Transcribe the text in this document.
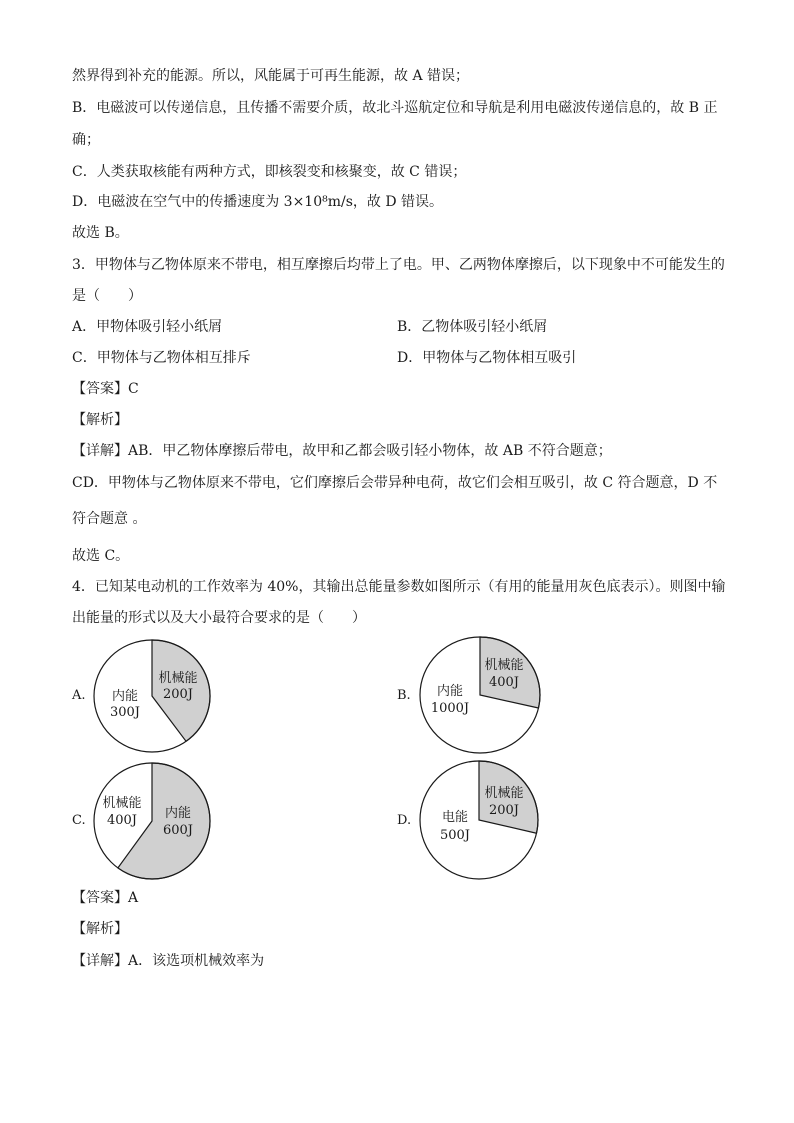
然界得到补充的能源。所以，风能属于可再生能源，故 A 错误；
B．电磁波可以传递信息，且传播不需要介质，故北斗巡航定位和导航是利用电磁波传递信息的，故 B 正
确；
C．人类获取核能有两种方式，即核裂变和核聚变，故 C 错误；
D．电磁波在空气中的传播速度为 3×10⁸m/s，故 D 错误。
故选 B。
3．甲物体与乙物体原来不带电，相互摩擦后均带上了电。甲、乙两物体摩擦后，以下现象中不可能发生的
是（　　）
A．甲物体吸引轻小纸屑	B．乙物体吸引轻小纸屑
C．甲物体与乙物体相互排斥	D．甲物体与乙物体相互吸引
【答案】C
【解析】
【详解】AB．甲乙物体摩擦后带电，故甲和乙都会吸引轻小物体，故 AB 不符合题意；
CD．甲物体与乙物体原来不带电，它们摩擦后会带异种电荷，故它们会相互吸引，故 C 符合题意，D 不
符合题意 。
故选 C。
4．已知某电动机的工作效率为 40%，其输出总能量参数如图所示（有用的能量用灰色底表示）。则图中输
出能量的形式以及大小最符合要求的是（　　）
A. 内能
300J
机械能
200J	B. 内能
1000J
机械能
400J
C.
机械能
400J 内能
600J
D. 电能
500J
机械能
200J
【答案】A
【解析】
【详解】A．该选项机械效率为
